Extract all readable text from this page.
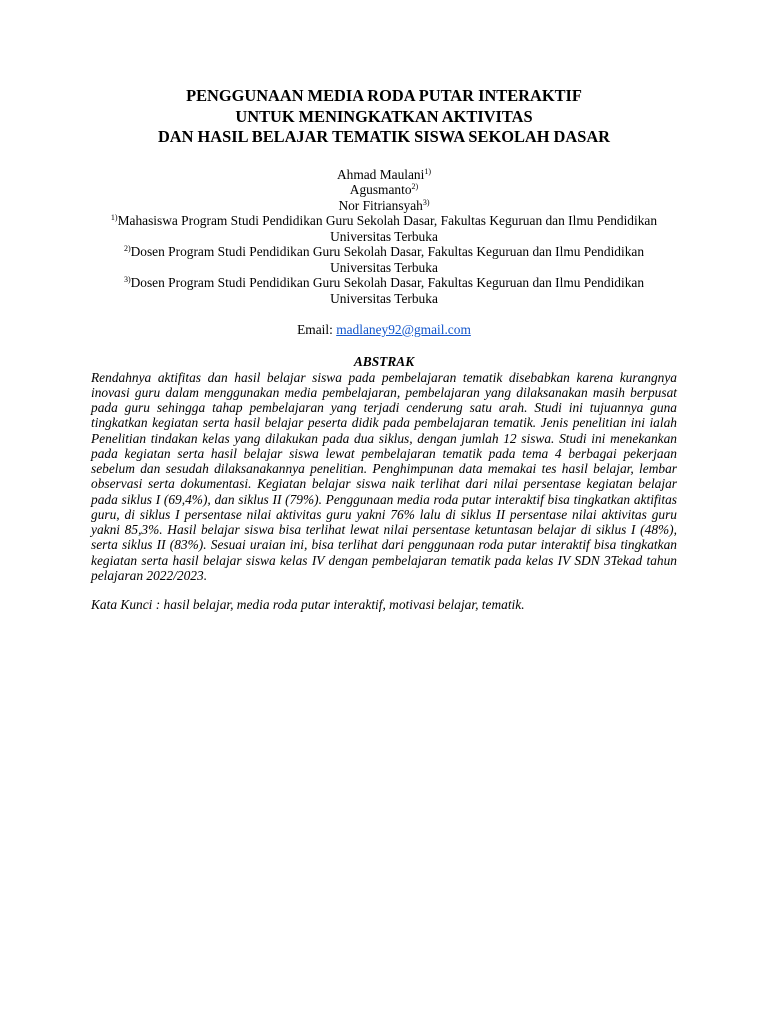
PENGGUNAAN MEDIA RODA PUTAR INTERAKTIF
UNTUK MENINGKATKAN AKTIVITAS
DAN HASIL BELAJAR TEMATIK SISWA SEKOLAH DASAR
Ahmad Maulani$^{1)}$
Agusmanto$^{2)}$
Nor Fitriansyah$^{3)}$
$^{1)}$Mahasiswa Program Studi Pendidikan Guru Sekolah Dasar, Fakultas Keguruan dan Ilmu Pendidikan
Universitas Terbuka
$^{2)}$Dosen Program Studi Pendidikan Guru Sekolah Dasar, Fakultas Keguruan dan Ilmu Pendidikan
Universitas Terbuka
$^{3)}$Dosen Program Studi Pendidikan Guru Sekolah Dasar, Fakultas Keguruan dan Ilmu Pendidikan
Universitas Terbuka
Email: madlaney92@gmail.com
ABSTRAK

Rendahnya aktifitas dan hasil belajar siswa pada pembelajaran tematik disebabkan karena kurangnya inovasi guru dalam menggunakan media pembelajaran, pembelajaran yang dilaksanakan masih berpusat pada guru sehingga tahap pembelajaran yang terjadi cenderung satu arah. Studi ini tujuannya guna tingkatkan kegiatan serta hasil belajar peserta didik pada pembelajaran tematik. Jenis penelitian ini ialah Penelitian tindakan kelas yang dilakukan pada dua siklus, dengan jumlah 12 siswa. Studi ini menekankan pada kegiatan serta hasil belajar siswa lewat pembelajaran tematik pada tema 4 berbagai pekerjaan sebelum dan sesudah dilaksanakannya penelitian. Penghimpunan data memakai tes hasil belajar, lembar observasi serta dokumentasi. Kegiatan belajar siswa naik terlihat dari nilai persentase kegiatan belajar pada siklus I (69,4%), dan siklus II (79%). Penggunaan media roda putar interaktif bisa tingkatkan aktifitas guru, di siklus I persentase nilai aktivitas guru yakni 76% lalu di siklus II persentase nilai aktivitas guru yakni 85,3%. Hasil belajar siswa bisa terlihat lewat nilai persentase ketuntasan belajar di siklus I (48%), serta siklus II (83%). Sesuai uraian ini, bisa terlihat dari penggunaan roda putar interaktif bisa tingkatkan kegiatan serta hasil belajar siswa kelas IV dengan pembelajaran tematik pada kelas IV SDN 3Tekad tahun pelajaran 2022/2023.

Kata Kunci : hasil belajar, media roda putar interaktif, motivasi belajar, tematik.
